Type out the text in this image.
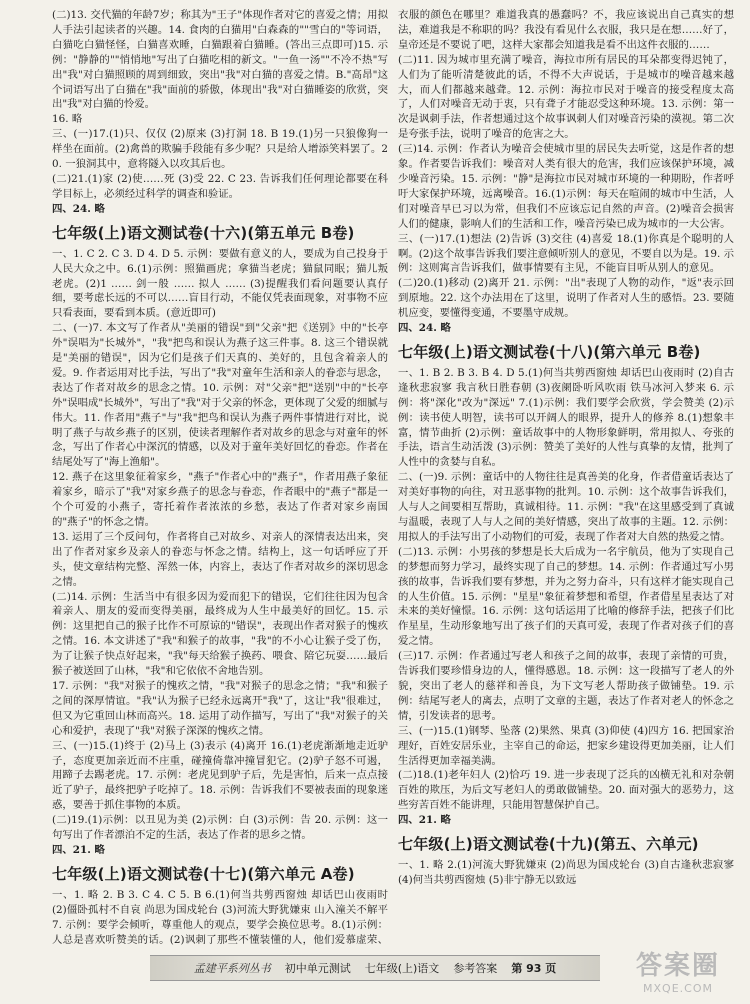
(二)13. 交代猫的年龄7岁；称其为"王子"体现作者对它的喜爱之情；用拟人手法引起读者的兴趣。14. 食肉的白猫用"白森森的""雪白的"等词语，白猫吃白猫怪怪，白猫喜欢睡，白猫跟着白猫睡。(答出三点即可)15. 示例："静静的""悄悄地"写出了白猫吃相的新文。"一鱼一汤""不冷不热"写出"我"对白猫照顾的周到细致，突出"我"对白猫的喜爱之情。B."高昂"这个词语写出了白猫在"我"面前的骄傲，体现出"我"对白猫睡姿的欣赏，突出"我"对白猫的怜爱。

16. 略

三、(一)17.(1)只、仅仅 (2)原来 (3)打洞 18. B 19.(1)另一只狼像狗一样坐在面前。(2)禽兽的欺骗手段能有多少呢？只是给人增添笑料罢了。20. 一狼洞其中，意将隧入以攻其后也。

(二)21.(1)家 (2)使……死 (3)受 22. C 23. 告诉我们任何理论都要在科学目标上，必须经过科学的调查和验证。

四、24. 略

七年级(上)语文测试卷(十六)(第五单元 B卷)

一、1. C 2. C 3. D 4. D 5. 示例：要做有意义的人，要成为自己投身于人民大众之中。6.(1)示例：照猫画虎；拿猫当老虎；猫鼠同眠；猫儿叛老虎。(2)1 …… 剑一般 …… 拟人 …… (3)提醒我们看问题要认真仔细，要考虑长远的不可以……盲目行动，不能仅凭表面现象，对事物不应只看表面，要看到本质。(意近即可)

二、(一)7. 本文写了作者从"美丽的错误"到"父亲"把《送别》中的"长亭外"误唱为"长城外"，"我"把鸟和误认为燕子这三件事。8. 这三个错误就是"美丽的错误"，因为它们是孩子们天真的、美好的，且包含着亲人的爱。9. 作者运用对比手法，写出了"我"对童年生活和亲人的眷恋与思念，表达了作者对故乡的思念之情。10. 示例：对"父亲"把"送别"中的"长亭外"误唱成"长城外"，写出了"我"对于父亲的怀念，更体现了父爱的细腻与伟大。11. 作者用"燕子"与"我"把鸟和误认为燕子两件事情进行对比，说明了燕子与故乡燕子的区别，使读者理解作者对故乡的思念与对童年的怀念，写出了作者心中深沉的情感，以及对于童年美好回忆的眷恋。作者在结尾处写了"海上渔船"。

12. 燕子在这里象征着家乡，"燕子"作者心中的"燕子"，作者用燕子象征着家乡，暗示了"我"对家乡燕子的思念与眷恋，作者眼中的"燕子"都是一个个可爱的小燕子，寄托着作者浓浓的乡愁，表达了作者对家乡南国的"燕子"的怀念之情。

13. 运用了三个反问句，作者将自己对故乡、对亲人的深情表达出来，突出了作者对家乡及亲人的眷恋与怀念之情。结构上，这一句话呼应了开头，使文章结构完整、浑然一体，内容上，表达了作者对故乡的深切思念之情。

(二)14. 示例：生活当中有很多因为爱而犯下的错误，它们往往因为包含着亲人、朋友的爱而变得美丽，最终成为人生中最美好的回忆。15. 示例：这里把自己的猴子比作不可原谅的"错误"，表现出作者对猴子的愧疚之情。16. 本文讲述了"我"和猴子的故事，"我"的不小心让猴子受了伤，为了让猴子快点好起来，"我"每天给猴子换药、喂食、陪它玩耍……最后猴子被送回了山林，"我"和它依依不舍地告别。

17. 示例："我"对猴子的愧疚之情，"我"对猴子的思念之情；"我"和猴子之间的深厚情谊。"我"认为猴子已经永远离开"我"了，这让"我"很难过，但又为它重回山林而高兴。18. 运用了动作描写，写出了"我"对猴子的关心和爱护，表现了"我"对猴子深深的愧疚之情。

三、(一)15.(1)终于 (2)马上 (3)表示 (4)离开 16.(1)老虎渐渐地走近驴子，态度更加亲近而不庄重，碰撞倚靠冲撞冒犯它。(2)驴子怒不可遏，用蹄子去踢老虎。17. 示例：老虎见到驴子后，先是害怕，后来一点点接近了驴子，最终把驴子吃掉了。18. 示例：告诉我们不要被表面的现象迷惑，要善于抓住事物的本质。

(二)19.(1)示例：以丑见为美 (2)示例：白 (3)示例：告 20. 示例：这一句写出了作者漂泊不定的生活，表达了作者的思乡之情。

四、21. 略

七年级(上)语文测试卷(十七)(第六单元 A卷)

一、1. 略 2. B 3. C 4. C 5. B 6.(1)何当共剪西窗烛 却话巴山夜雨时 (2)僵卧孤村不自哀 尚思为国戍轮台 (3)河流大野犹嫌束 山入潼关不解平 7. 示例：要学会倾听，尊重他人的观点，要学会换位思考。8.(1)示例：人总是喜欢听赞美的话。(2)讽刺了那些不懂装懂的人，他们爱慕虚荣、

衣服的颜色在哪里？难道我真的愚蠢吗？不，我应该说出自己真实的想法，难道我是不称职的吗？我没有看见什么衣服，我只是在想……好了，皇帝还是不要说了吧，这样大家都会知道我是看不出这件衣服的……

(二)11. 因为城市里充满了噪音，海拉市所有居民的耳朵都变得迟钝了，人们为了能听清楚彼此的话，不得不大声说话，于是城市的噪音越来越大，而人们都越来越聋。12. 示例：海拉市民对于噪音的接受程度太高了，人们对噪音无动于衷，只有聋子才能忍受这种环境。13. 示例：第一次是讽刺手法，作者想通过这个故事讽刺人们对噪音污染的漠视。第二次是夸张手法，说明了噪音的危害之大。

(三)14. 示例：作者认为噪音会使城市里的居民失去听觉，这是作者的想象。作者要告诉我们：噪音对人类有很大的危害，我们应该保护环境，减少噪音污染。15. 示例："静"是海拉市民对城市环境的一种期盼，作者呼吁大家保护环境，远离噪音。16.(1)示例：每天在喧闹的城市中生活，人们对噪音早已习以为常，但我们不应该忘记自然的声音。(2)噪音会损害人们的健康，影响人们的生活和工作，噪音污染已成为城市的一大公害。

三、(一)17.(1)想法 (2)告诉 (3)交往 (4)喜爱 18.(1)你真是个聪明的人啊。(2)这个故事告诉我们要注意倾听别人的意见，不要自以为是。19. 示例：这则寓言告诉我们，做事情要有主见，不能盲目听从别人的意见。

(二)20.(1)移动 (2)离开 21. 示例："出"表现了人物的动作，"返"表示回到原地。22. 这个办法用在了这里，说明了作者对人生的感悟。23. 要随机应变，要懂得变通，不要墨守成规。

四、24. 略

七年级(上)语文测试卷(十八)(第六单元 B卷)

一、1. B 2. B 3. B 4. D 5.(1)何当共剪西窗烛 却话巴山夜雨时 (2)自古逢秋悲寂寥 我言秋日胜春朝 (3)夜阑卧听风吹雨 铁马冰河入梦来 6. 示例：将"深化"改为"深远" 7.(1)示例：我们要学会欣赏，学会赞美 (2)示例：读书使人明智，读书可以开阔人的眼界，提升人的修养 8.(1)想象丰富，情节曲折 (2)示例：童话故事中的人物形象鲜明，常用拟人、夸张的手法，语言生动活泼 (3)示例：赞美了美好的人性与真挚的友情，批判了人性中的贪婪与自私。

二、(一)9. 示例：童话中的人物往往是真善美的化身，作者借童话表达了对美好事物的向往，对丑恶事物的批判。10. 示例：这个故事告诉我们，人与人之间要相互帮助，真诚相待。11. 示例："我"在这里感受到了真诚与温暖，表现了人与人之间的美好情感，突出了故事的主题。12. 示例：用拟人的手法写出了小动物们的可爱，表现了作者对大自然的热爱之情。

(二)13. 示例：小男孩的梦想是长大后成为一名宇航员，他为了实现自己的梦想而努力学习，最终实现了自己的梦想。14. 示例：作者通过写小男孩的故事，告诉我们要有梦想，并为之努力奋斗，只有这样才能实现自己的人生价值。15. 示例："星星"象征着梦想和希望，作者借星星表达了对未来的美好憧憬。16. 示例：这句话运用了比喻的修辞手法，把孩子们比作星星，生动形象地写出了孩子们的天真可爱，表现了作者对孩子们的喜爱之情。

(三)17. 示例：作者通过写老人和孩子之间的故事，表现了亲情的可贵，告诉我们要珍惜身边的人，懂得感恩。18. 示例：这一段描写了老人的外貌，突出了老人的慈祥和善良，为下文写老人帮助孩子做铺垫。19. 示例：结尾写老人的离去，点明了文章的主题，表达了作者对老人的怀念之情，引发读者的思考。

三、(一)15.(1)钢琴、坠落 (2)果然、果真 (3)仰使 (4)四方 16. 把国家治理好，百姓安居乐业，主宰自己的命运，把家乡建设得更加美丽，让人们生活得更加幸福美满。

(二)18.(1)老年妇人 (2)恰巧 19. 进一步表现了泛兵的凶横无礼和对杂朝百姓的欺压，为后文写老妇人的勇敢做铺垫。20. 面对强大的恶势力，这些穷苦百姓不能讲理，只能用智慧保护自己。

四、21. 略

七年级(上)语文测试卷(十九)(第五、六单元)

一、1. 略 2.(1)河流大野犹嫌束 (2)尚思为国戍轮台 (3)自古逢秋悲寂寥 (4)何当共剪西窗烛 (5)非宁静无以致远

孟建平系列丛书 初中单元测试 七年级(上)语文 参考答案 第 93 页	答案圈
MXQE.COM
